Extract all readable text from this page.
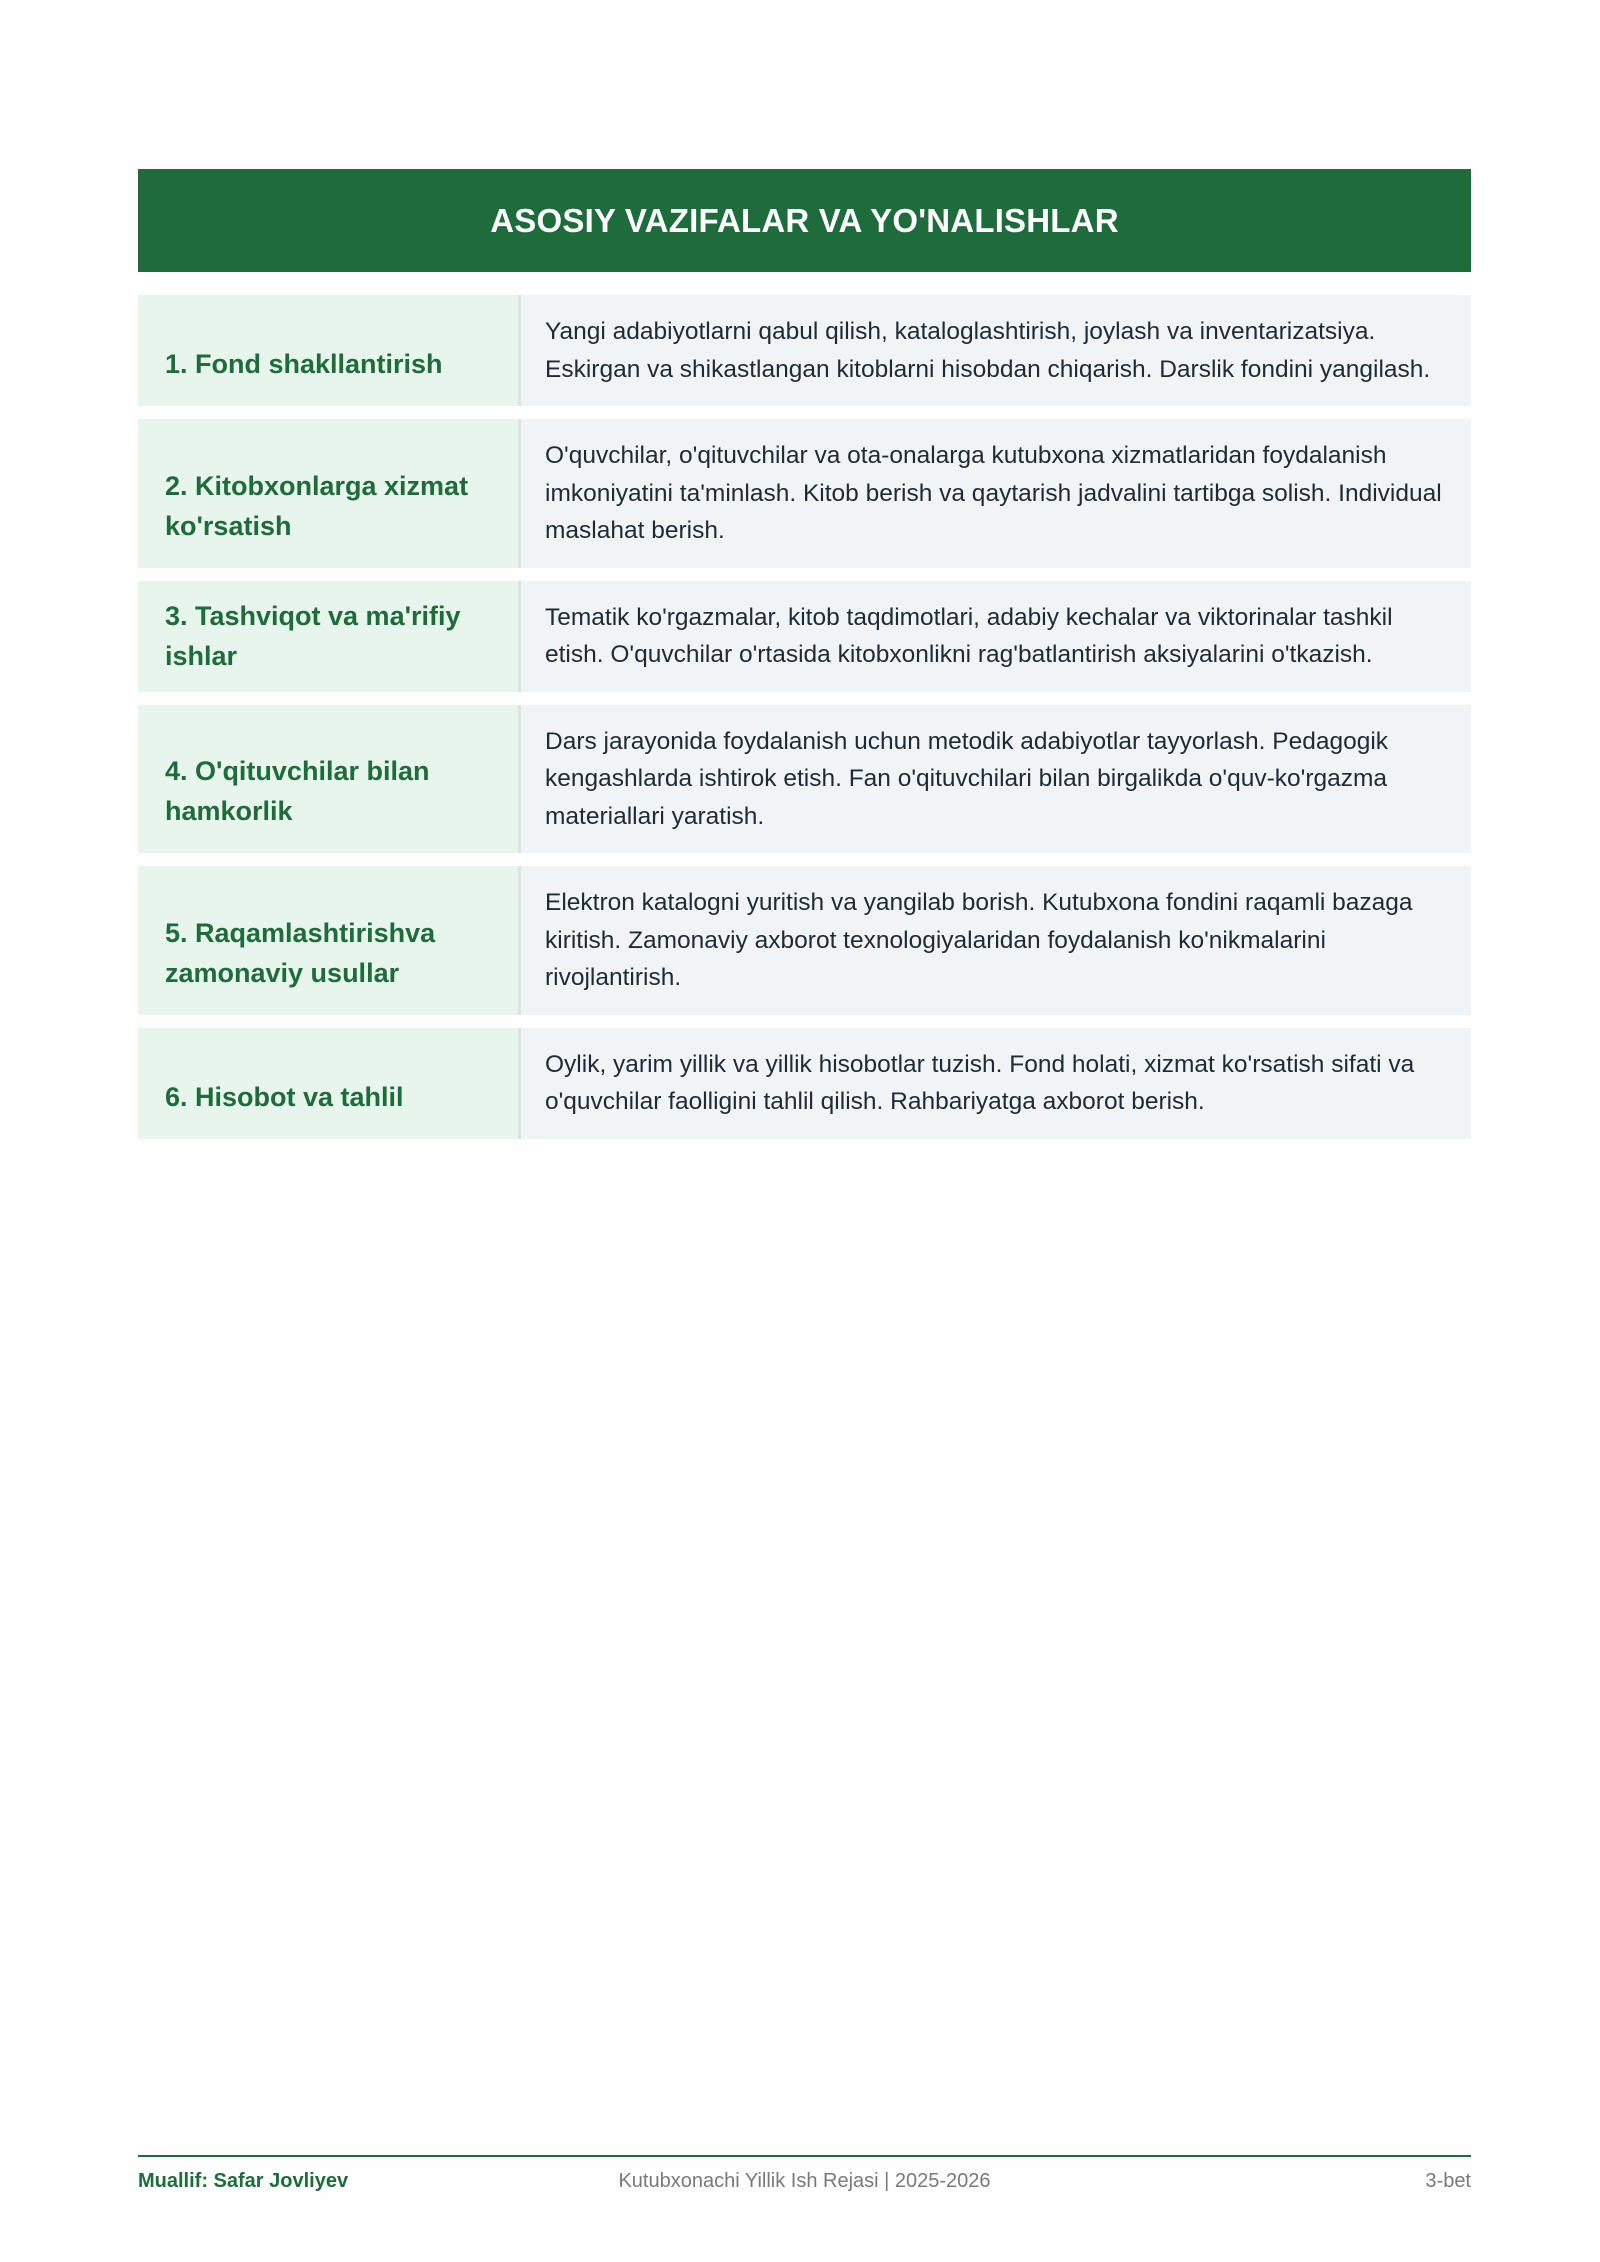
ASOSIY VAZIFALAR VA YO'NALISHLAR
1. Fond shakllantirish
Yangi adabiyotlarni qabul qilish, kataloglashtirish, joylash va inventarizatsiya. Eskirgan va shikastlangan kitoblarni hisobdan chiqarish. Darslik fondini yangilash.
2. Kitobxonlarga xizmat ko'rsatish
O'quvchilar, o'qituvchilar va ota-onalarga kutubxona xizmatlaridan foydalanish imkoniyatini ta'minlash. Kitob berish va qaytarish jadvalini tartibga solish. Individual maslahat berish.
3. Tashviqot va ma'rifiy ishlar
Tematik ko'rgazmalar, kitob taqdimotlari, adabiy kechalar va viktorinalar tashkil etish. O'quvchilar o'rtasida kitobxonlikni rag'batlantirish aksiyalarini o'tkazish.
4. O'qituvchilar bilan hamkorlik
Dars jarayonida foydalanish uchun metodik adabiyotlar tayyorlash. Pedagogik kengashlarda ishtirok etish. Fan o'qituvchilari bilan birgalikda o'quv-ko'rgazma materiallari yaratish.
5. Raqamlashtirishva zamonaviy usullar
Elektron katalogni yuritish va yangilab borish. Kutubxona fondini raqamli bazaga kiritish. Zamonaviy axborot texnologiyalaridan foydalanish ko'nikmalarini rivojlantirish.
6. Hisobot va tahlil
Oylik, yarim yillik va yillik hisobotlar tuzish. Fond holati, xizmat ko'rsatish sifati va o'quvchilar faolligini tahlil qilish. Rahbariyatga axborot berish.
Muallif: Safar Jovliyev	Kutubxonachi Yillik Ish Rejasi | 2025-2026	3-bet
